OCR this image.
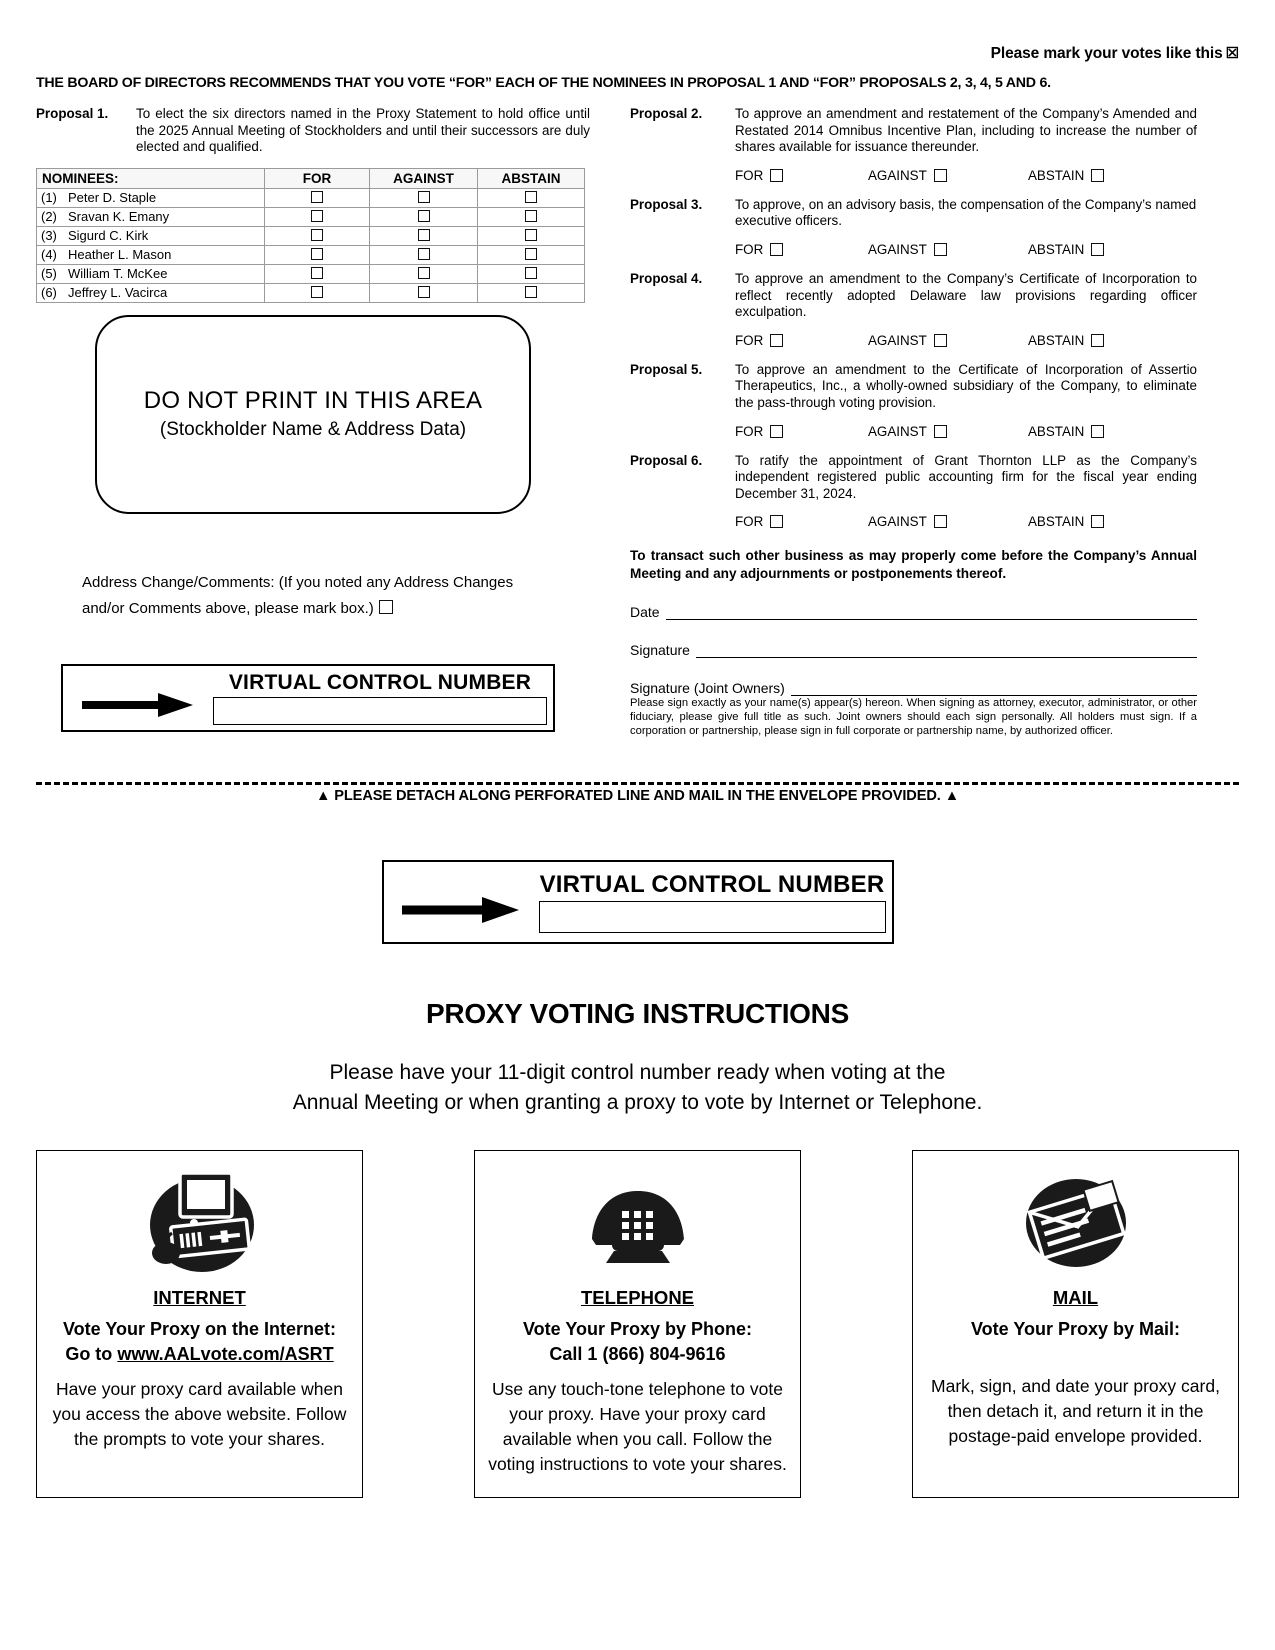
Please mark your votes like this ☒
THE BOARD OF DIRECTORS RECOMMENDS THAT YOU VOTE “FOR” EACH OF THE NOMINEES IN PROPOSAL 1 AND “FOR” PROPOSALS 2, 3, 4, 5 AND 6.
Proposal 1.	To elect the six directors named in the Proxy Statement to hold office until the 2025 Annual Meeting of Stockholders and until their successors are duly elected and qualified.
NOMINEES:	FOR	AGAINST	ABSTAIN
(1) Peter D. Staple			
(2) Sravan K. Emany			
(3) Sigurd C. Kirk			
(4) Heather L. Mason			
(5) William T. McKee			
(6) Jeffrey L. Vacirca			
DO NOT PRINT IN THIS AREA
(Stockholder Name & Address Data)
Address Change/Comments: (If you noted any Address Changes
and/or Comments above, please mark box.)
VIRTUAL CONTROL NUMBER
Proposal 2.	To approve an amendment and restatement of the Company’s Amended and Restated 2014 Omnibus Incentive Plan, including to increase the number of shares available for issuance thereunder.
FOR	AGAINST	ABSTAIN
Proposal 3.	To approve, on an advisory basis, the compensation of the Company’s named executive officers.
FOR	AGAINST	ABSTAIN
Proposal 4.	To approve an amendment to the Company’s Certificate of Incorporation to reflect recently adopted Delaware law provisions regarding officer exculpation.
FOR	AGAINST	ABSTAIN
Proposal 5.	To approve an amendment to the Certificate of Incorporation of Assertio Therapeutics, Inc., a wholly-owned subsidiary of the Company, to eliminate the pass-through voting provision.
FOR	AGAINST	ABSTAIN
Proposal 6.	To ratify the appointment of Grant Thornton LLP as the Company’s independent registered public accounting firm for the fiscal year ending December 31, 2024.
FOR	AGAINST	ABSTAIN
To transact such other business as may properly come before the Company’s Annual Meeting and any adjournments or postponements thereof.
Date
Signature
Signature (Joint Owners)
Please sign exactly as your name(s) appear(s) hereon. When signing as attorney, executor, administrator, or other fiduciary, please give full title as such. Joint owners should each sign personally. All holders must sign. If a corporation or partnership, please sign in full corporate or partnership name, by authorized officer.
▲ PLEASE DETACH ALONG PERFORATED LINE AND MAIL IN THE ENVELOPE PROVIDED. ▲
VIRTUAL CONTROL NUMBER
PROXY VOTING INSTRUCTIONS
Please have your 11-digit control number ready when voting at the
Annual Meeting or when granting a proxy to vote by Internet or Telephone.
INTERNET
Vote Your Proxy on the Internet:
Go to www.AALvote.com/ASRT
Have your proxy card available when you access the above website. Follow the prompts to vote your shares.
TELEPHONE
Vote Your Proxy by Phone:
Call 1 (866) 804-9616
Use any touch-tone telephone to vote your proxy. Have your proxy card available when you call. Follow the voting instructions to vote your shares.
MAIL
Vote Your Proxy by Mail:
Mark, sign, and date your proxy card, then detach it, and return it in the postage-paid envelope provided.
